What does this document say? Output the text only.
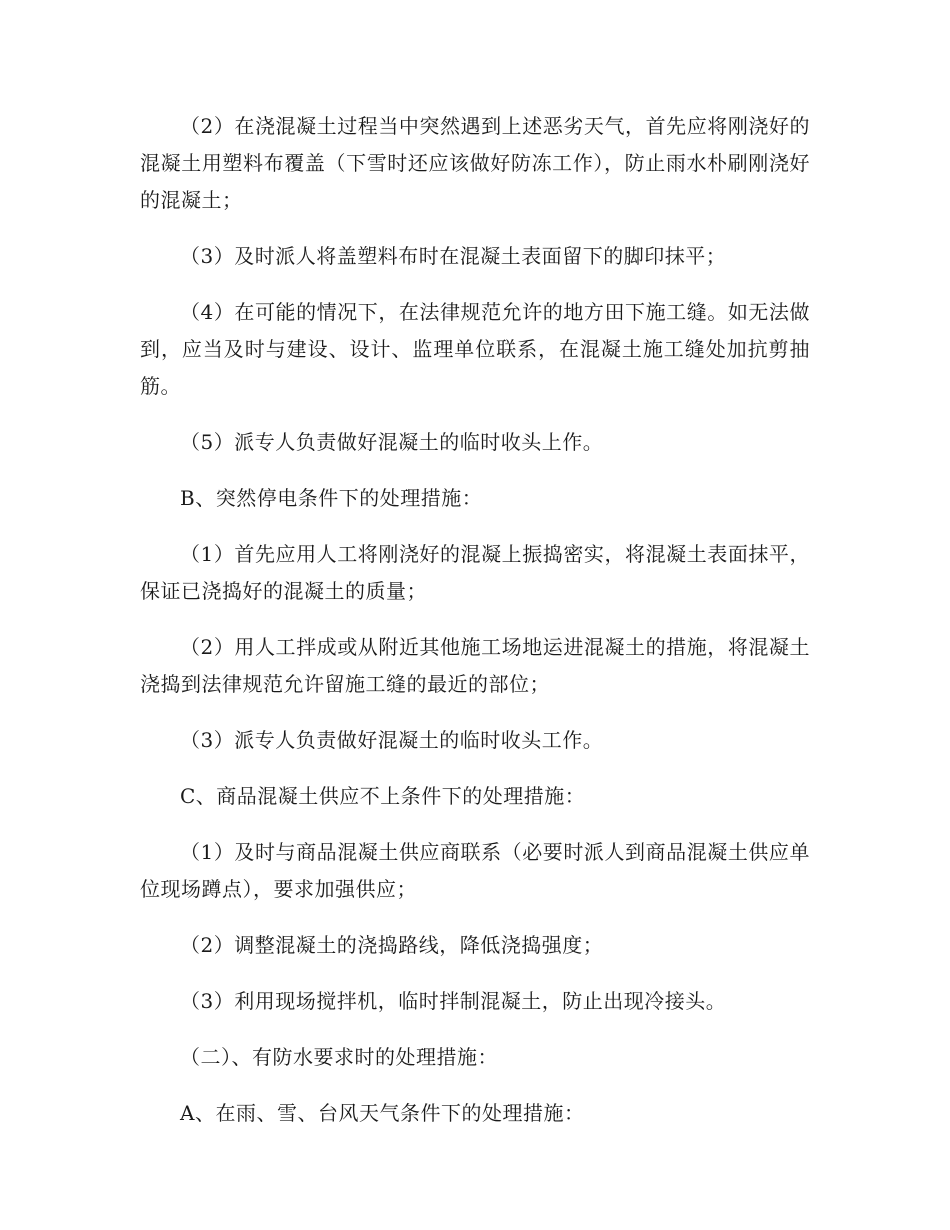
（2）在浇混凝土过程当中突然遇到上述恶劣天气，首先应将刚浇好的混凝土用塑料布覆盖（下雪时还应该做好防冻工作），防止雨水朴刷刚浇好的混凝土；

（3）及时派人将盖塑料布时在混凝土表面留下的脚印抹平；

（4）在可能的情况下，在法律规范允许的地方田下施工缝。如无法做到，应当及时与建设、设计、监理单位联系，在混凝土施工缝处加抗剪抽筋。

（5）派专人负责做好混凝土的临时收头上作。

B、突然停电条件下的处理措施：

（1）首先应用人工将刚浇好的混凝上振捣密实，将混凝土表面抹平，保证已浇捣好的混凝土的质量；

（2）用人工拌成或从附近其他施工场地运进混凝土的措施，将混凝土浇捣到法律规范允许留施工缝的最近的部位；

（3）派专人负责做好混凝土的临时收头工作。

C、商品混凝土供应不上条件下的处理措施：

（1）及时与商品混凝土供应商联系（必要时派人到商品混凝土供应单位现场蹲点），要求加强供应；

（2）调整混凝土的浇捣路线，降低浇捣强度；

（3）利用现场搅拌机，临时拌制混凝土，防止出现冷接头。

（二）、有防水要求时的处理措施：

A、在雨、雪、台风天气条件下的处理措施：
